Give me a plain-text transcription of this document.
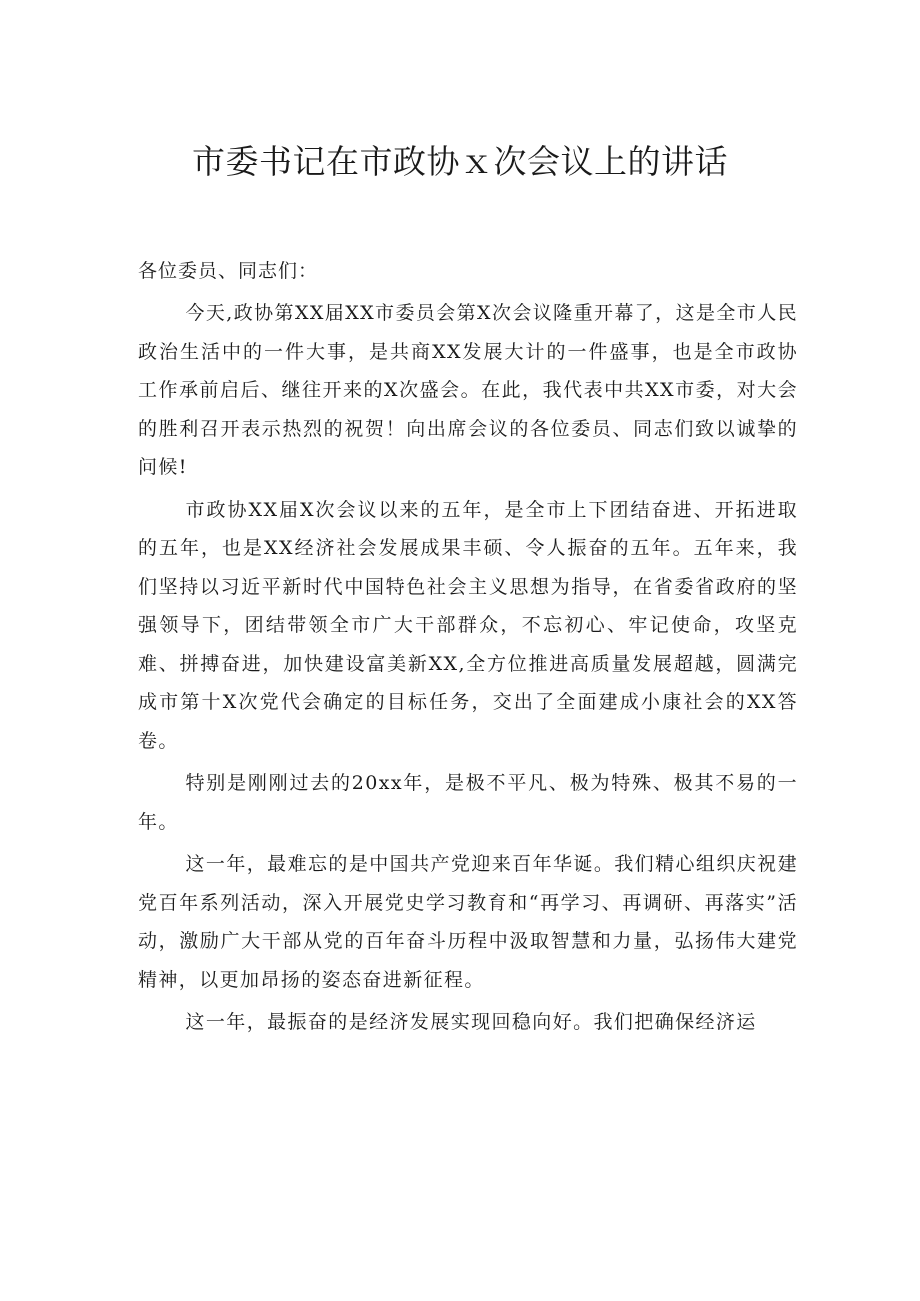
市委书记在市政协ｘ次会议上的讲话

各位委员、同志们：

今天,政协第XX届XX市委员会第X次会议隆重开幕了，这是全市人民政治生活中的一件大事，是共商XX发展大计的一件盛事，也是全市政协工作承前启后、继往开来的X次盛会。在此，我代表中共XX市委，对大会的胜利召开表示热烈的祝贺！向出席会议的各位委员、同志们致以诚挚的问候!

市政协XX届X次会议以来的五年，是全市上下团结奋进、开拓进取的五年，也是XX经济社会发展成果丰硕、令人振奋的五年。五年来，我们坚持以习近平新时代中国特色社会主义思想为指导，在省委省政府的坚强领导下，团结带领全市广大干部群众，不忘初心、牢记使命，攻坚克难、拼搏奋进，加快建设富美新XX,全方位推进高质量发展超越，圆满完成市第十X次党代会确定的目标任务，交出了全面建成小康社会的XX答卷。

特别是刚刚过去的20xx年，是极不平凡、极为特殊、极其不易的一年。

这一年，最难忘的是中国共产党迎来百年华诞。我们精心组织庆祝建党百年系列活动，深入开展党史学习教育和“再学习、再调研、再落实”活动，激励广大干部从党的百年奋斗历程中汲取智慧和力量，弘扬伟大建党精神，以更加昂扬的姿态奋进新征程。

这一年，最振奋的是经济发展实现回稳向好。我们把确保经济运
